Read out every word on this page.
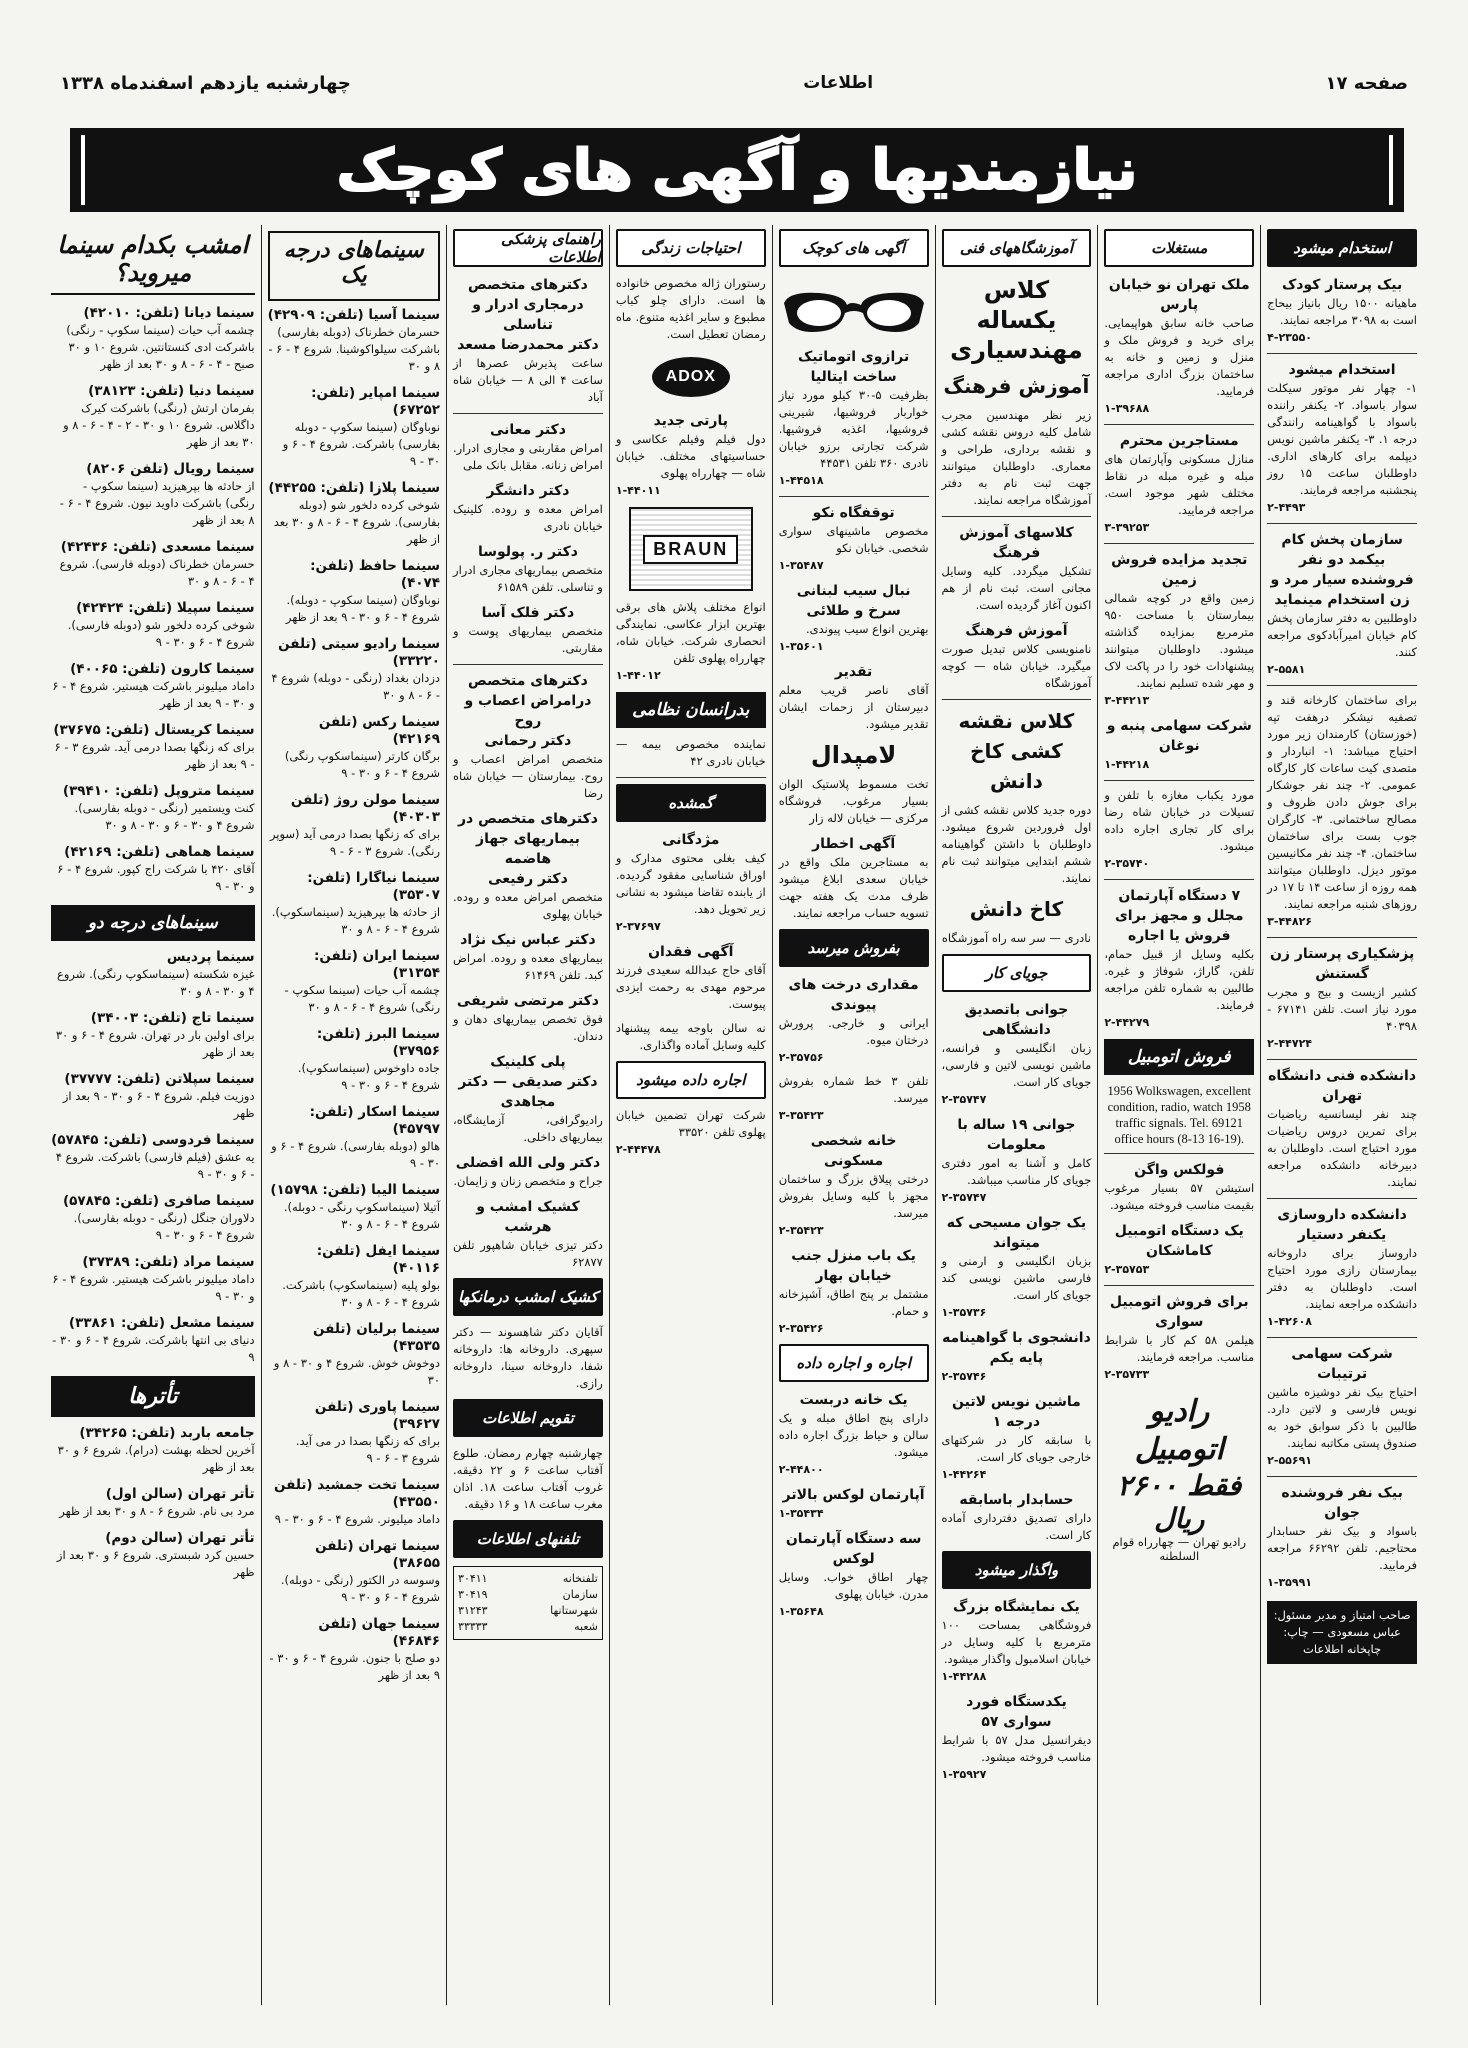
صفحه ۱۷
اطلاعات
چهارشنبه یازدهم اسفندماه ۱۳۳۸
نیازمندیها و آگهی های کوچک
استخدام میشود
بیک پرستار کودک
ماهیانه ۱۵۰۰ ریال بانیاز بیحاج است به ۳۰۹۸ مراجعه نمایند.
۴-۲۳۵۵۰
استخدام میشود
۱- چهار نفر موتور سیکلت سوار باسواد. ۲- یکنفر راننده باسواد با گواهینامه رانندگی درجه ۱. ۳- یکنفر ماشین نویس دیپلمه برای کارهای اداری. داوطلبان ساعت ۱۵ روز پنجشنبه مراجعه فرمایند.
۲-۴۴۹۳
سازمان پخش کام بیکمد دو نفر فروشنده سیار مرد و زن استخدام مینماید
داوطلبین به دفتر سازمان پخش کام خیابان امیرآبادکوی مراجعه کنند.
۲-۵۵۸۱
برای ساختمان کارخانه قند و تصفیه نیشکر درهفت تپه (خوزستان) کارمندان زیر مورد احتیاج میباشد: ۱- انباردار و متصدی کیت ساعات کار کارگاه عمومی. ۲- چند نفر جوشکار برای جوش دادن ظروف و مصالح ساختمانی. ۳- کارگران جوب بست برای ساختمان ساختمان. ۴- چند نفر مکانیسین موتور دیزل. داوطلبان میتوانند همه روزه از ساعت ۱۴ تا ۱۷ در روزهای شنبه مراجعه نمایند.
۳-۴۴۸۲۶
پزشکیاری پرستار زن گستنش
کشیر ازیست و بیج و مجرب مورد نیاز است. تلفن ۶۷۱۴۱ - ۴۰۳۹۸
۲-۴۴۷۲۴
دانشکده فنی دانشگاه تهران
چند نفر لیسانسیه ریاضیات برای تمرین دروس ریاضیات مورد احتیاج است. داوطلبان به دبیرخانه دانشکده مراجعه نمایند.
دانشکده داروسازی یکنفر دستیار
داروساز برای داروخانه بیمارستان رازی مورد احتیاج است. داوطلبان به دفتر دانشکده مراجعه نمایند.
۱-۴۲۶۰۸
شرکت سهامی ترتیبات
احتیاج بیک نفر دوشیزه ماشین نویس فارسی و لاتین دارد. طالبین با ذکر سوابق خود به صندوق پستی مکاتبه نمایند.
۲-۵۵۶۹۱
بیک نفر فروشنده جوان
باسواد و بیک نفر حسابدار محتاجیم. تلفن ۶۶۲۹۲ مراجعه فرمایید.
۱-۳۵۹۹۱
صاحب امتیاز و مدیر مسئول: عباس مسعودی — چاپ: چاپخانه اطلاعات
مستغلات
ملک تهران نو خیابان پارس
صاحب خانه سابق هواپیمایی. برای خرید و فروش ملک و منزل و زمین و خانه به ساختمان بزرگ اداری مراجعه فرمایید.
۱-۳۹۶۸۸
مستاجرین محترم
منازل مسکونی وآپارتمان های مبله و غیره مبله در نقاط مختلف شهر موجود است. مراجعه فرمایید.
۳-۳۹۲۵۳
تجدید مزایده فروش زمین
زمین واقع در کوچه شمالی بیمارستان با مساحت ۹۵۰ مترمربع بمزایده گذاشته میشود. داوطلبان میتوانند پیشنهادات خود را در پاکت لاک و مهر شده تسلیم نمایند.
۳-۴۴۲۱۳
شرکت سهامی پنبه و نوغان
۱-۴۴۲۱۸
مورد یکباب مغازه با تلفن و تسیلات در خیابان شاه رضا برای کار تجاری اجاره داده میشود.
۲-۳۵۷۴۰
۷ دستگاه آپارتمان مجلل و مجهز برای فروش یا اجاره
بکلیه وسایل از قبیل حمام، تلفن، گاراژ، شوفاژ و غیره. طالبین به شماره تلفن مراجعه فرمایند.
۲-۴۴۲۷۹
فروش اتومبیل
1956 Wolkswagen, excellent condition, radio, watch 1958 traffic signals. Tel. 69121 office hours (8-13 16-19).
فولکس واگن
استیشن ۵۷ بسیار مرغوب بقیمت مناسب فروخته میشود.
یک دستگاه اتومبیل کاماشکان
۲-۳۵۷۵۳
برای فروش اتومبیل سواری
هیلمن ۵۸ کم کار با شرایط مناسب. مراجعه فرمایند.
۲-۳۵۷۳۳
رادیو اتومبیل
فقط ۲۶۰۰ ریال
رادیو تهران — چهارراه قوام السلطنه
آموزشگاههای فنی
کلاس یکساله مهندسیاری
آموزش فرهنگ
زیر نظر مهندسین مجرب شامل کلیه دروس نقشه کشی و نقشه برداری، طراحی و معماری. داوطلبان میتوانند جهت ثبت نام به دفتر آموزشگاه مراجعه نمایند.
کلاسهای آموزش فرهنگ
تشکیل میگردد. کلیه وسایل مجانی است. ثبت نام از هم اکنون آغاز گردیده است.
آموزش فرهنگ
نامنویسی کلاس تبدیل صورت میگیرد. خیابان شاه — کوچه آموزشگاه
کلاس نقشه کشی کاخ دانش
دوره جدید کلاس نقشه کشی از اول فروردین شروع میشود. داوطلبان با داشتن گواهینامه ششم ابتدایی میتوانند ثبت نام نمایند.
کاخ دانش
نادری — سر سه راه آموزشگاه
جویای کار
جوانی باتصدیق دانشگاهی
زبان انگلیسی و فرانسه، ماشین نویسی لاتین و فارسی، جویای کار است.
۲-۳۵۷۴۷
جوانی ۱۹ ساله با معلومات
کامل و آشنا به امور دفتری جویای کار مناسب میباشد.
۲-۳۵۷۴۷
یک جوان مسیحی که میتواند
بزبان انگلیسی و ارمنی و فارسی ماشین نویسی کند جویای کار است.
۱-۳۵۷۳۶
دانشجوی با گواهینامه پایه یکم
۲-۳۵۷۴۶
ماشین نویس لاتین درجه ۱
با سابقه کار در شرکتهای خارجی جویای کار است.
۱-۴۴۲۶۴
حسابدار باسابقه
دارای تصدیق دفترداری آماده کار است.
واگذار میشود
یک نمایشگاه بزرگ
فروشگاهی بمساحت ۱۰۰ مترمربع با کلیه وسایل در خیابان اسلامبول واگذار میشود.
۱-۴۴۲۸۸
یکدستگاه فورد سواری ۵۷
دیفرانسیل مدل ۵۷ با شرایط مناسب فروخته میشود.
۱-۳۵۹۲۷
آگهی های کوچک
ترازوی اتوماتیک ساخت ایتالیا
بظرفیت ۵-۳۰ کیلو مورد نیاز خواربار فروشیها، شیرینی فروشیها، اغذیه فروشیها. شرکت تجارتی برزو خیابان نادری ۳۶۰ تلفن ۴۴۵۳۱
۱-۴۴۵۱۸
توقفگاه نکو
مخصوص ماشینهای سواری شخصی. خیابان نکو
۱-۳۵۴۸۷
نبال سیب لبنانی سرخ و طلائی
بهترین انواع سیب پیوندی.
۱-۳۵۶۰۱
تقدیر
آقای ناصر قریب معلم دبیرستان از زحمات ایشان تقدیر میشود.
لامپدال
تخت مسموط پلاستیک الوان بسیار مرغوب. فروشگاه مرکزی — خیابان لاله زار
آگهی اخطار
به مستاجرین ملک واقع در خیابان سعدی ابلاغ میشود ظرف مدت یک هفته جهت تسویه حساب مراجعه نمایند.
بفروش میرسد
مقداری درخت های پیوندی
ایرانی و خارجی. پرورش درختان میوه.
۲-۳۵۷۵۶
تلفن ۳ خط شماره بفروش میرسد.
۳-۳۵۴۲۳
خانه شخصی مسکونی
درختی پیلاق بزرگ و ساختمان مجهز با کلیه وسایل بفروش میرسد.
۲-۳۵۴۲۳
یک باب منزل جنب خیابان بهار
مشتمل بر پنج اطاق، آشپزخانه و حمام.
۲-۳۵۴۲۶
اجاره و اجاره داده
یک خانه دربست
دارای پنج اطاق مبله و یک سالن و حیاط بزرگ اجاره داده میشود.
۲-۴۴۸۰۰
آپارتمان لوکس بالاتر
۱-۳۵۴۳۴
سه دستگاه آپارتمان لوکس
چهار اطاق خواب. وسایل مدرن. خیابان پهلوی
۱-۳۵۶۴۸
احتیاجات زندگی
رستوران ژاله مخصوص خانواده ها است. دارای چلو کباب مطبوع و سایر اغذیه متنوع. ماه رمضان تعطیل است.
ADOX
پارتی جدید
دول فیلم وفیلم عکاسی و حساسیتهای مختلف. خیابان شاه — چهارراه پهلوی
۱-۴۴۰۱۱
BRAUN
انواع مختلف پلاش های برقی بهترین ابزار عکاسی. نمایندگی انحصاری شرکت. خیابان شاه، چهارراه پهلوی تلفن
۱-۴۴۰۱۲
بدرانسان نظامی
نماینده مخصوص بیمه — خیابان نادری ۴۲
گمشده
مژدگانی
کیف بغلی محتوی مدارک و اوراق شناسایی مفقود گردیده. از یابنده تقاضا میشود به نشانی زیر تحویل دهد.
۲-۳۷۶۹۷
آگهی فقدان
آقای حاج عبدالله سعیدی فرزند مرحوم مهدی به رحمت ایزدی پیوست.
نه سالن باوجه بیمه پیشنهاد کلیه وسایل آماده واگذاری.
اجاره داده میشود
شرکت تهران تضمین خیابان پهلوی تلفن ۳۳۵۲۰
۲-۴۴۴۷۸
راهنمای پزشکی اطلاعات
دکترهای متخصص درمجاری ادرار و تناسلی
دکتر محمدرضا مسعد
ساعت پذیرش عصرها از ساعت ۴ الی ۸ — خیابان شاه آباد
دکتر معانی
امراض مقاربتی و مجاری ادرار. امراض زنانه. مقابل بانک ملی
دکتر دانشگر
امراض معده و روده. کلینیک خیابان نادری
دکتر ر. پولوسا
متخصص بیماریهای مجاری ادرار و تناسلی. تلفن ۶۱۵۸۹
دکتر فلک آسا
متخصص بیماریهای پوست و مقاربتی.
دکترهای متخصص درامراض اعصاب و روح
دکتر رحمانی
متخصص امراض اعصاب و روح. بیمارستان — خیابان شاه رضا
دکترهای متخصص در بیماریهای جهاز هاضمه
دکتر رفیعی
متخصص امراض معده و روده. خیابان پهلوی
دکتر عباس نیک نژاد
بیماریهای معده و روده. امراض کبد. تلفن ۶۱۴۶۹
دکتر مرتضی شریفی
فوق تخصص بیماریهای دهان و دندان.
پلی کلینیک
دکتر صدیقی — دکتر مجاهدی
رادیوگرافی، آزمایشگاه، بیماریهای داخلی.
دکتر ولی الله افضلی
جراح و متخصص زنان و زایمان.
کشیک امشب و هرشب
دکتر تیزی خیابان شاهپور تلفن ۶۲۸۷۷
کشیک امشب درمانکها
آقایان دکتر شاهسوند — دکتر سپهری. داروخانه ها: داروخانه شفا، داروخانه سینا، داروخانه رازی.
تقویم اطلاعات
چهارشنبه چهارم رمضان. طلوع آفتاب ساعت ۶ و ۲۲ دقیقه. غروب آفتاب ساعت ۱۸. اذان مغرب ساعت ۱۸ و ۱۶ دقیقه.
تلفنهای اطلاعات
تلفنخانه
۳۰۴۱۱
سازمان
۳۰۴۱۹
شهرستانها
۳۱۲۴۳
شعبه
۳۳۳۳۳
سینماهای درجه یک
سینما آسیا (تلفن: ۴۲۹۰۹)
حسرمان خطرناک (دوبله بفارسی) باشرکت سیلواکوشینا. شروع ۴ - ۶ - ۸ و ۳۰
سینما امپایر (تلفن: ۶۷۲۵۲)
نوباوگان (سینما سکوپ - دوبله بفارسی) باشرکت. شروع ۴ - ۶ و ۳۰ - ۹
سینما پلازا (تلفن: ۴۴۲۵۵)
شوخی کرده دلخور شو (دوبله بفارسی). شروع ۴ - ۶ - ۸ و ۳۰ بعد از ظهر
سینما حافظ (تلفن: ۴۰۷۴)
نوباوگان (سینما سکوپ - دوبله). شروع ۴ - ۶ و ۳۰ - ۹ بعد از ظهر
سینما رادیو سیتی (تلفن ۳۳۲۲۰)
دزدان بغداد (رنگی - دوبله) شروع ۴ - ۶ - ۸ و ۳۰
سینما رکس (تلفن ۴۲۱۶۹)
برگان کارتر (سینماسکوپ رنگی) شروع ۴ - ۶ و ۳۰ - ۹
سینما مولن روژ (تلفن ۴۰۳۰۳)
برای که زنگها بصدا درمی آید (سوپر رنگی). شروع ۳ - ۶ - ۹
سینما نیاگارا (تلفن: ۳۵۳۰۷)
از حادثه ها بپرهیزید (سینماسکوپ). شروع ۴ - ۶ - ۸ و ۳۰
سینما ایران (تلفن: ۳۱۳۵۴)
چشمه آب حیات (سینما سکوپ - رنگی) شروع ۴ - ۶ - ۸ و ۳۰
سینما البرز (تلفن: ۳۷۹۵۶)
جاده داوخوس (سینماسکوپ). شروع ۴ - ۶ و ۳۰ - ۹
سینما اسکار (تلفن: ۴۵۷۹۷)
هالو (دوبله بفارسی). شروع ۴ - ۶ و ۳۰ - ۹
سینما الیبا (تلفن: ۱۵۷۹۸)
آتیلا (سینماسکوپ رنگی - دوبله). شروع ۴ - ۶ - ۸ و ۳۰
سینما ایفل (تلفن: ۴۰۱۱۶)
بولو پلیه (سینماسکوپ) باشرکت. شروع ۴ - ۶ - ۸ و ۳۰
سینما برلیان (تلفن ۴۳۵۳۵)
دوخوش خوش. شروع ۴ و ۳۰ - ۸ و ۳۰
سینما پاوری (تلفن ۳۹۶۲۷)
برای که زنگها بصدا در می آید. شروع ۳ - ۶ - ۹
سینما تخت جمشید (تلفن ۴۳۵۵۰)
داماد میلیونر. شروع ۴ - ۶ و ۳۰ - ۹
سینما تهران (تلفن ۳۸۶۵۵)
وسوسه در الکتور (رنگی - دوبله). شروع ۴ - ۶ و ۳۰ - ۹
سینما جهان (تلفن ۴۶۸۴۶)
دو صلح با جنون. شروع ۴ - ۶ و ۳۰ - ۹ بعد از ظهر
امشب بکدام سینما میروید؟
سینما دیانا (تلفن: ۴۲۰۱۰)
چشمه آب حیات (سینما سکوپ - رنگی) باشرکت ادی کنستانتین. شروع ۱۰ و ۳۰ صبح - ۴ - ۶ - ۸ و ۳۰ بعد از ظهر
سینما دنیا (تلفن: ۳۸۱۲۳)
بفرمان ارتش (رنگی) باشرکت کیرک داگلاس. شروع ۱۰ و ۳۰ - ۲ - ۴ - ۶ - ۸ و ۳۰ بعد از ظهر
سینما رویال (تلفن ۸۲۰۶)
از حادثه ها بپرهیزید (سینما سکوپ - رنگی) باشرکت داوید نیون. شروع ۴ - ۶ - ۸ بعد از ظهر
سینما مسعدی (تلفن: ۴۲۴۳۶)
حسرمان خطرناک (دوبله فارسی). شروع ۴ - ۶ - ۸ و ۳۰
سینما سپیلا (تلفن: ۴۲۴۲۴)
شوخی کرده دلخور شو (دوبله فارسی). شروع ۴ - ۶ و ۳۰ - ۹
سینما کارون (تلفن: ۴۰۰۶۵)
داماد میلیونر باشرکت هیستیر. شروع ۴ - ۶ و ۳۰ - ۹ بعد از ظهر
سینما کریستال (تلفن: ۳۷۶۷۵)
برای که زنگها بصدا درمی آید. شروع ۳ - ۶ - ۹ بعد از ظهر
سینما متروپل (تلفن: ۳۹۴۱۰)
کنت ویستمیر (رنگی - دوبله بفارسی). شروع ۴ و ۳۰ - ۶ و ۳۰ - ۸ و ۳۰
سینما هماهی (تلفن: ۴۲۱۶۹)
آقای ۴۲۰ با شرکت راج کپور. شروع ۴ - ۶ و ۳۰ - ۹
سینماهای درجه دو
سینما پردیس
غیزه شکسته (سینماسکوپ رنگی). شروع ۴ و ۳۰ - ۸ و ۳۰
سینما تاج (تلفن: ۳۴۰۰۳)
برای اولین بار در تهران. شروع ۴ - ۶ و ۳۰ بعد از ظهر
سینما سپلاتن (تلفن: ۳۷۷۷۷)
دوزیت فیلم. شروع ۴ - ۶ و ۳۰ - ۹ بعد از ظهر
سینما فردوسی (تلفن: ۵۷۸۴۵)
یه عشق (فیلم فارسی) باشرکت. شروع ۴ - ۶ و ۳۰ - ۹
سینما صافری (تلفن: ۵۷۸۴۵)
دلاوران جنگل (رنگی - دوبله بفارسی). شروع ۴ - ۶ و ۳۰ - ۹
سینما مراد (تلفن: ۳۷۳۸۹)
داماد میلیونر باشرکت هیستیر. شروع ۴ - ۶ و ۳۰ - ۹
سینما مشعل (تلفن: ۳۳۸۶۱)
دنیای بی انتها باشرکت. شروع ۴ - ۶ و ۳۰ - ۹
تأترها
جامعه باربد (تلفن: ۳۴۲۶۵)
آخرین لحظه بهشت (درام). شروع ۶ و ۳۰ بعد از ظهر
تأتر تهران (سالن اول)
مرد بی نام. شروع ۶ - ۸ و ۳۰ بعد از ظهر
تأتر تهران (سالن دوم)
حسین کرد شبستری. شروع ۶ و ۳۰ بعد از ظهر
